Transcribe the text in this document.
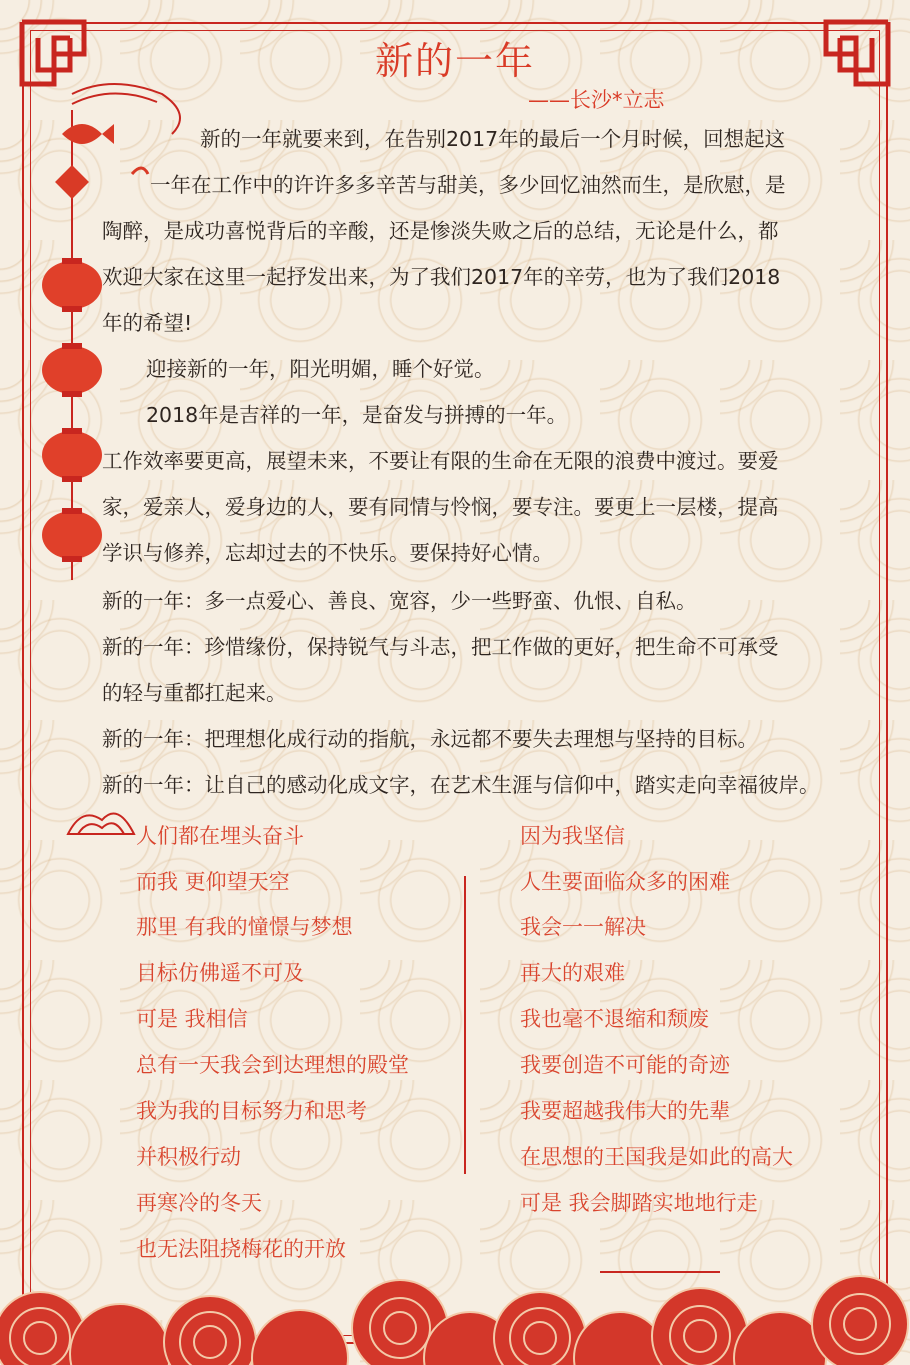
新的一年
——长沙*立志

新的一年就要来到，在告别2017年的最后一个月时候，回想起这

一年在工作中的许许多多辛苦与甜美，多少回忆油然而生，是欣慰，是

陶醉，是成功喜悦背后的辛酸，还是惨淡失败之后的总结，无论是什么，都

欢迎大家在这里一起抒发出来，为了我们2017年的辛劳，也为了我们2018

年的希望!

迎接新的一年，阳光明媚，睡个好觉。

2018年是吉祥的一年，是奋发与拼搏的一年。

工作效率要更高，展望未来，不要让有限的生命在无限的浪费中渡过。要爱

家，爱亲人，爱身边的人，要有同情与怜悯，要专注。要更上一层楼，提高

学识与修养，忘却过去的不快乐。要保持好心情。

新的一年：多一点爱心、善良、宽容，少一些野蛮、仇恨、自私。

新的一年：珍惜缘份，保持锐气与斗志，把工作做的更好，把生命不可承受

的轻与重都扛起来。

新的一年：把理想化成行动的指航，永远都不要失去理想与坚持的目标。

新的一年：让自己的感动化成文字，在艺术生涯与信仰中，踏实走向幸福彼岸。

人们都在埋头奋斗
而我 更仰望天空
那里 有我的憧憬与梦想
目标仿佛遥不可及
可是 我相信
总有一天我会到达理想的殿堂
我为我的目标努力和思考
并积极行动
再寒冷的冬天
也无法阻挠梅花的开放
因为我坚信
人生要面临众多的困难
我会一一解决
再大的艰难
我也毫不退缩和颓废
我要创造不可能的奇迹
我要超越我伟大的先辈
在思想的王国我是如此的高大
可是 我会脚踏实地地行走
